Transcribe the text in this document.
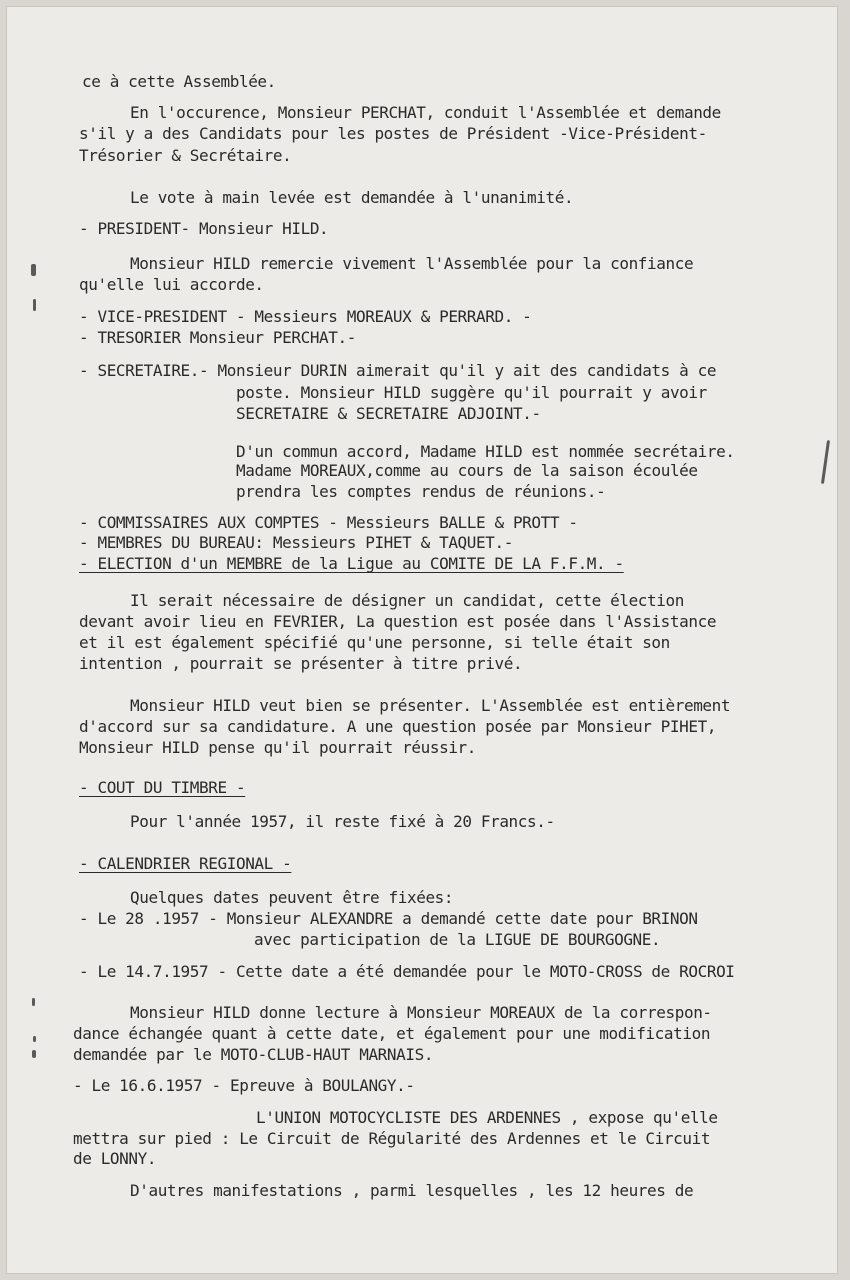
ce à cette Assemblée.
En l'occurence, Monsieur PERCHAT, conduit l'Assemblée et demande
s'il y a des Candidats pour les postes de Président -Vice-Président-
Trésorier & Secrétaire.
Le vote à main levée est demandée à l'unanimité.
- PRESIDENT- Monsieur HILD.
Monsieur HILD remercie vivement l'Assemblée pour la confiance
qu'elle lui accorde.
- VICE-PRESIDENT - Messieurs MOREAUX & PERRARD. -
- TRESORIER Monsieur PERCHAT.-
- SECRETAIRE.- Monsieur DURIN aimerait qu'il y ait des candidats à ce
poste. Monsieur HILD suggère qu'il pourrait y avoir
SECRETAIRE & SECRETAIRE ADJOINT.-
D'un commun accord, Madame HILD est nommée secrétaire.
Madame MOREAUX,comme au cours de la saison écoulée
prendra les comptes rendus de réunions.-
- COMMISSAIRES AUX COMPTES - Messieurs BALLE & PROTT -
- MEMBRES DU BUREAU: Messieurs PIHET & TAQUET.-
- ELECTION d'un MEMBRE de la Ligue au COMITE DE LA F.F.M. -
Il serait nécessaire de désigner un candidat, cette élection
devant avoir lieu en FEVRIER, La question est posée dans l'Assistance
et il est également spécifié qu'une personne, si telle était son
intention , pourrait se présenter à titre privé.
Monsieur HILD veut bien se présenter. L'Assemblée est entièrement
d'accord sur sa candidature. A une question posée par Monsieur PIHET,
Monsieur HILD pense qu'il pourrait réussir.
- COUT DU TIMBRE -
Pour l'année 1957, il reste fixé à 20 Francs.-
- CALENDRIER REGIONAL -
Quelques dates peuvent être fixées:
- Le 28 .1957 - Monsieur ALEXANDRE a demandé cette date pour BRINON
avec participation de la LIGUE DE BOURGOGNE.
- Le 14.7.1957 - Cette date a été demandée pour le MOTO-CROSS de ROCROI
Monsieur HILD donne lecture à Monsieur MOREAUX de la correspon-
dance échangée quant à cette date, et également pour une modification
demandée par le MOTO-CLUB-HAUT MARNAIS.
- Le 16.6.1957 - Epreuve à BOULANGY.-
L'UNION MOTOCYCLISTE DES ARDENNES , expose qu'elle
mettra sur pied : Le Circuit de Régularité des Ardennes et le Circuit
de LONNY.
D'autres manifestations , parmi lesquelles , les 12 heures de
